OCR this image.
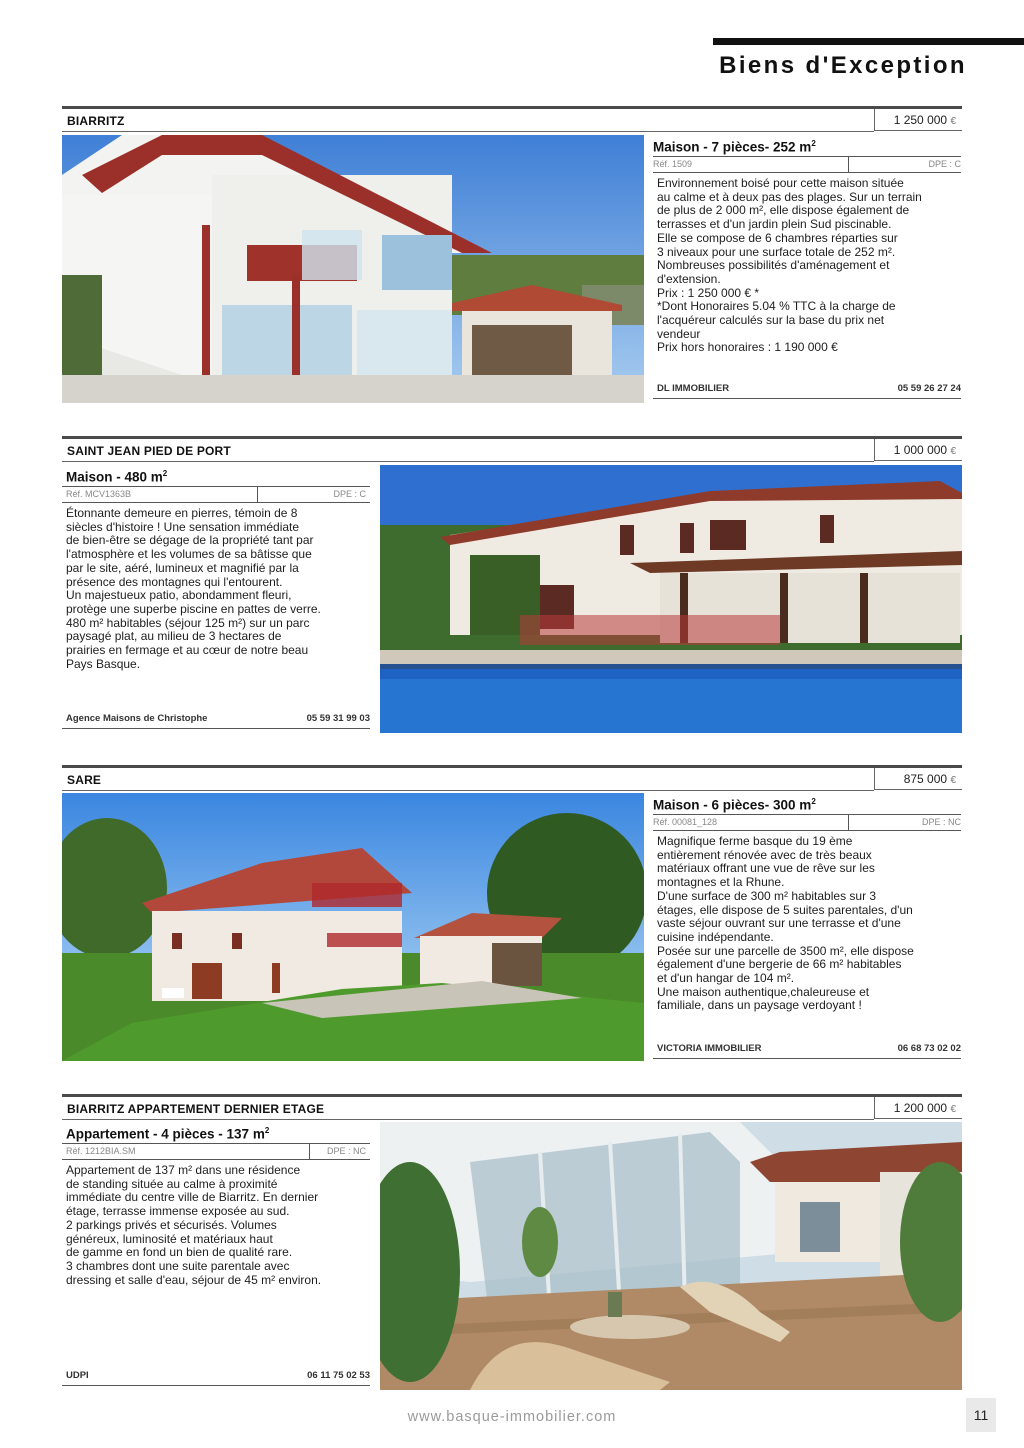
Biens d'Exception
BIARRITZ	1 250 000 €
Maison - 7 pièces- 252 $m^2$
Réf. 1509	DPE : C

Environnement boisé pour cette maison située

au calme et à deux pas des plages. Sur un terrain

de plus de 2 000 m², elle dispose également de

terrasses et d'un jardin plein Sud piscinable.

Elle se compose de 6 chambres réparties sur

3 niveaux pour une surface totale de 252 m².

Nombreuses possibilités d'aménagement et

d'extension.

Prix : 1 250 000 € *

*Dont Honoraires 5.04 % TTC à la charge de

l'acquéreur calculés sur la base du prix net

vendeur

Prix hors honoraires : 1 190 000 €

DL IMMOBILIER	05 59 26 27 24
SAINT JEAN PIED DE PORT	1 000 000 €
Maison - 480 $m^2$
Réf. MCV1363B	DPE : C

Étonnante demeure en pierres, témoin de 8

siècles d'histoire ! Une sensation immédiate

de bien-être se dégage de la propriété tant par

l'atmosphère et les volumes de sa bâtisse que

par le site, aéré, lumineux et magnifié par la

présence des montagnes qui l'entourent.

Un majestueux patio, abondamment fleuri,

protège une superbe piscine en pattes de verre.

480 m² habitables (séjour 125 m²) sur un parc

paysagé plat, au milieu de 3 hectares de

prairies en fermage et au cœur de notre beau

Pays Basque.

Agence Maisons de Christophe	05 59 31 99 03
SARE	875 000 €
Maison - 6 pièces- 300 $m^2$
Réf. 00081_128	DPE : NC

Magnifique ferme basque du 19 ème

entièrement rénovée avec de très beaux

matériaux offrant une vue de rêve sur les

montagnes et la Rhune.

D'une surface de 300 m² habitables sur 3

étages, elle dispose de 5 suites parentales, d'un

vaste séjour ouvrant sur une terrasse et d'une

cuisine indépendante.

Posée sur une parcelle de 3500 m², elle dispose

également d'une bergerie de 66 m² habitables

et d'un hangar de 104 m².

Une maison authentique,chaleureuse et

familiale, dans un paysage verdoyant !

VICTORIA IMMOBILIER	06 68 73 02 02
BIARRITZ APPARTEMENT DERNIER ETAGE	1 200 000 €
Appartement - 4 pièces - 137 $m^2$
Réf. 1212BIA.SM	DPE : NC

Appartement de 137 m² dans une résidence

de standing située au calme à proximité

immédiate du centre ville de Biarritz. En dernier

étage, terrasse immense exposée au sud.

2 parkings privés et sécurisés. Volumes

généreux, luminosité et matériaux haut

de gamme en fond un bien de qualité rare.

3 chambres dont une suite parentale avec

dressing et salle d'eau, séjour de 45 m² environ.

UDPI	06 11 75 02 53
www.basque-immobilier.com	11
